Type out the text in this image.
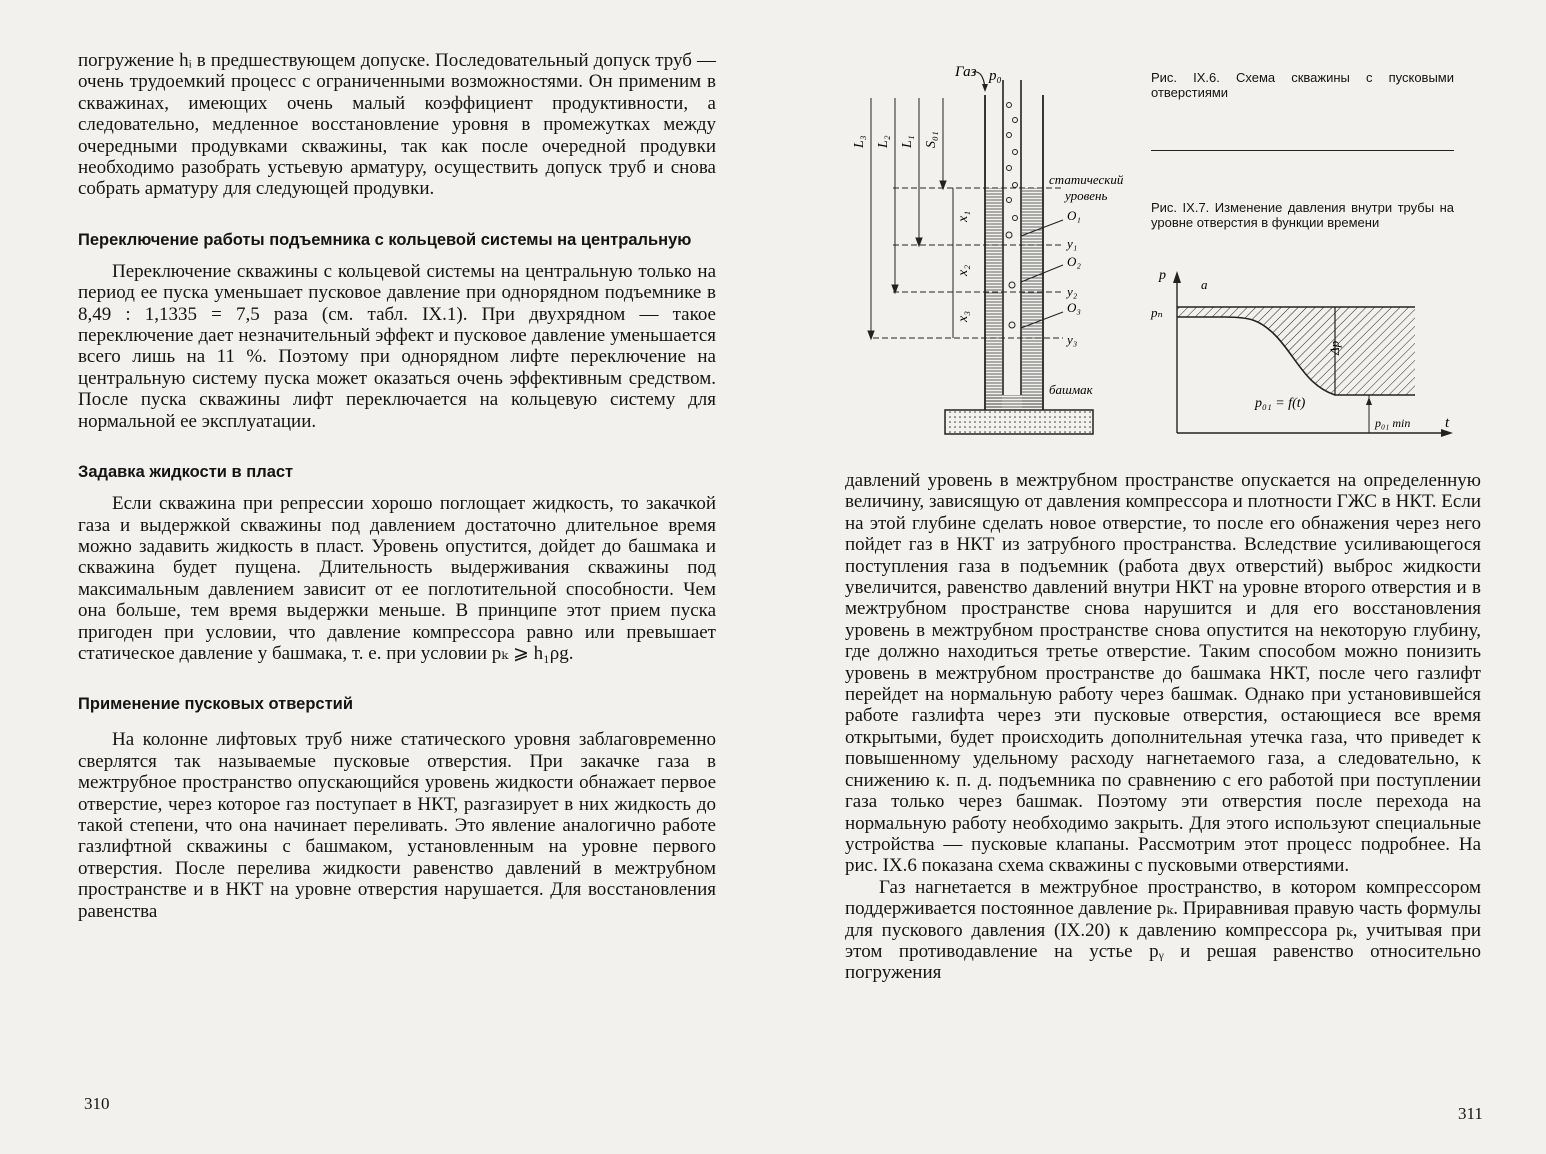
погружение hᵢ в предшествующем допуске. Последовательный допуск труб — очень трудоемкий процесс с ограниченными возможностями. Он применим в скважинах, имеющих очень малый коэффициент продуктивности, а следовательно, медленное восстановление уровня в промежутках между очередными продувками скважины, так как после очередной продувки необходимо разобрать устьевую арматуру, осуществить допуск труб и снова собрать арматуру для следующей продувки.

Переключение работы подъемника с кольцевой системы на центральную

Переключение скважины с кольцевой системы на центральную только на период ее пуска уменьшает пусковое давление при однорядном подъемнике в 8,49 : 1,1335 = 7,5 раза (см. табл. IX.1). При двухрядном — такое переключение дает незначительный эффект и пусковое давление уменьшается всего лишь на 11 %. Поэтому при однорядном лифте переключение на центральную систему пуска может оказаться очень эффективным средством. После пуска скважины лифт переключается на кольцевую систему для нормальной ее эксплуатации.

Задавка жидкости в пласт

Если скважина при репрессии хорошо поглощает жидкость, то закачкой газа и выдержкой скважины под давлением достаточно длительное время можно задавить жидкость в пласт. Уровень опустится, дойдет до башмака и скважина будет пущена. Длительность выдерживания скважины под максимальным давлением зависит от ее поглотительной способности. Чем она больше, тем время выдержки меньше. В принципе этот прием пуска пригоден при условии, что давление компрессора равно или превышает статическое давление у башмака, т. е. при условии pₖ ⩾ h₁ρg.

Применение пусковых отверстий

На колонне лифтовых труб ниже статического уровня заблаговременно сверлятся так называемые пусковые отверстия. При закачке газа в межтрубное пространство опускающийся уровень жидкости обнажает первое отверстие, через которое газ поступает в НКТ, разгазирует в них жидкость до такой степени, что она начинает переливать. Это явление аналогично работе газлифтной скважины с башмаком, установленным на уровне первого отверстия. После перелива жидкости равенство давлений в межтрубном пространстве и в НКТ на уровне отверстия нарушается. Для восстановления равенства

310
Газ p₀
L₃ L₂ L₁ S₀₁
x₁
x₂
x₃
статический
уровень
O₁
y₁
O₂
y₂
O₃
y₃
башмак
Рис. IX.6. Схема скважины с пусковыми отверстиями
Рис. IX.7. Изменение давления внутри трубы на уровне отверстия в функции времени
p
a
pₙ
Δp
p₀₁ = f(t)
p₀₁ min t

давлений уровень в межтрубном пространстве опускается на определенную величину, зависящую от давления компрессора и плотности ГЖС в НКТ. Если на этой глубине сделать новое отверстие, то после его обнажения через него пойдет газ в НКТ из затрубного пространства. Вследствие усиливающегося поступления газа в подъемник (работа двух отверстий) выброс жидкости увеличится, равенство давлений внутри НКТ на уровне второго отверстия и в межтрубном пространстве снова нарушится и для его восстановления уровень в межтрубном пространстве снова опустится на некоторую глубину, где должно находиться третье отверстие. Таким способом можно понизить уровень в межтрубном пространстве до башмака НКТ, после чего газлифт перейдет на нормальную работу через башмак. Однако при установившейся работе газлифта через эти пусковые отверстия, остающиеся все время открытыми, будет происходить дополнительная утечка газа, что приведет к повышенному удельному расходу нагнетаемого газа, а следовательно, к снижению к. п. д. подъемника по сравнению с его работой при поступлении газа только через башмак. Поэтому эти отверстия после перехода на нормальную работу необходимо закрыть. Для этого используют специальные устройства — пусковые клапаны. Рассмотрим этот процесс подробнее. На рис. IX.6 показана схема скважины с пусковыми отверстиями.

Газ нагнетается в межтрубное пространство, в котором компрессором поддерживается постоянное давление pₖ. Приравнивая правую часть формулы для пускового давления (IX.20) к давлению компрессора pₖ, учитывая при этом противодавление на устье pᵧ и решая равенство относительно погружения

311
